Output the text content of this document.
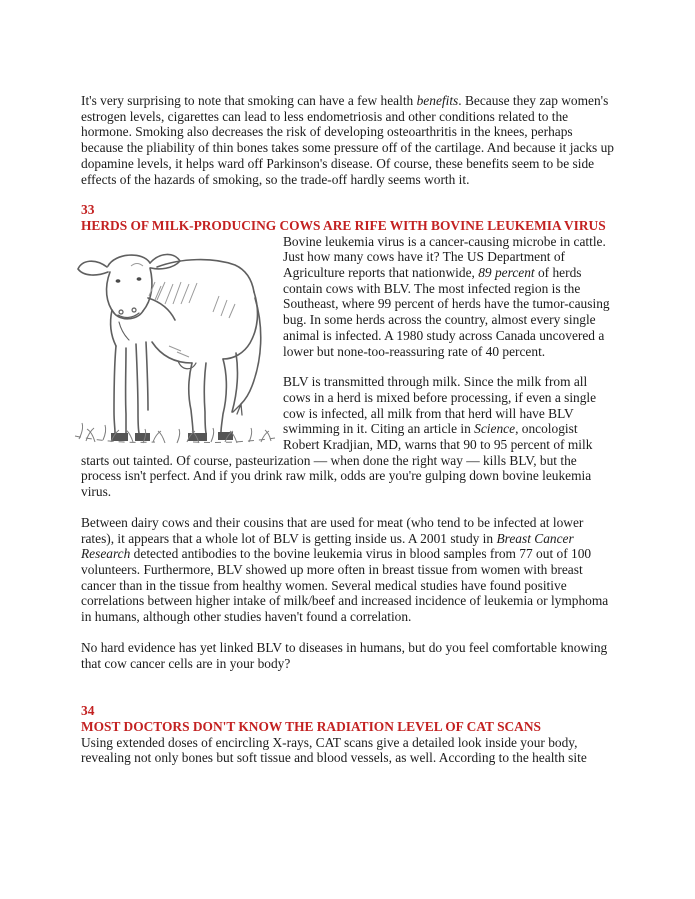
It's very surprising to note that smoking can have a few health benefits. Because they zap women's estrogen levels, cigarettes can lead to less endometriosis and other conditions related to the hormone. Smoking also decreases the risk of developing osteoarthritis in the knees, perhaps because the pliability of thin bones takes some pressure off of the cartilage. And because it jacks up dopamine levels, it helps ward off Parkinson's disease. Of course, these benefits seem to be side effects of the hazards of smoking, so the trade-off hardly seems worth it.

33
HERDS OF MILK-PRODUCING COWS ARE RIFE WITH BOVINE LEUKEMIA VIRUS

Bovine leukemia virus is a cancer-causing microbe in cattle. Just how many cows have it? The US Department of Agriculture reports that nationwide, 89 percent of herds contain cows with BLV. The most infected region is the Southeast, where 99 percent of herds have the tumor-causing bug. In some herds across the country, almost every single animal is infected. A 1980 study across Canada uncovered a lower but none-too-reassuring rate of 40 percent.

BLV is transmitted through milk. Since the milk from all cows in a herd is mixed before processing, if even a single cow is infected, all milk from that herd will have BLV swimming in it. Citing an article in Science, oncologist Robert Kradjian, MD, warns that 90 to 95 percent of milk starts out tainted. Of course, pasteurization — when done the right way — kills BLV, but the process isn't perfect. And if you drink raw milk, odds are you're gulping down bovine leukemia virus.

Between dairy cows and their cousins that are used for meat (who tend to be infected at lower rates), it appears that a whole lot of BLV is getting inside us. A 2001 study in Breast Cancer Research detected antibodies to the bovine leukemia virus in blood samples from 77 out of 100 volunteers. Furthermore, BLV showed up more often in breast tissue from women with breast cancer than in the tissue from healthy women. Several medical studies have found positive correlations between higher intake of milk/beef and increased incidence of leukemia or lymphoma in humans, although other studies haven't found a correlation.

No hard evidence has yet linked BLV to diseases in humans, but do you feel comfortable knowing that cow cancer cells are in your body?

34
MOST DOCTORS DON'T KNOW THE RADIATION LEVEL OF CAT SCANS

Using extended doses of encircling X-rays, CAT scans give a detailed look inside your body, revealing not only bones but soft tissue and blood vessels, as well. According to the health site
